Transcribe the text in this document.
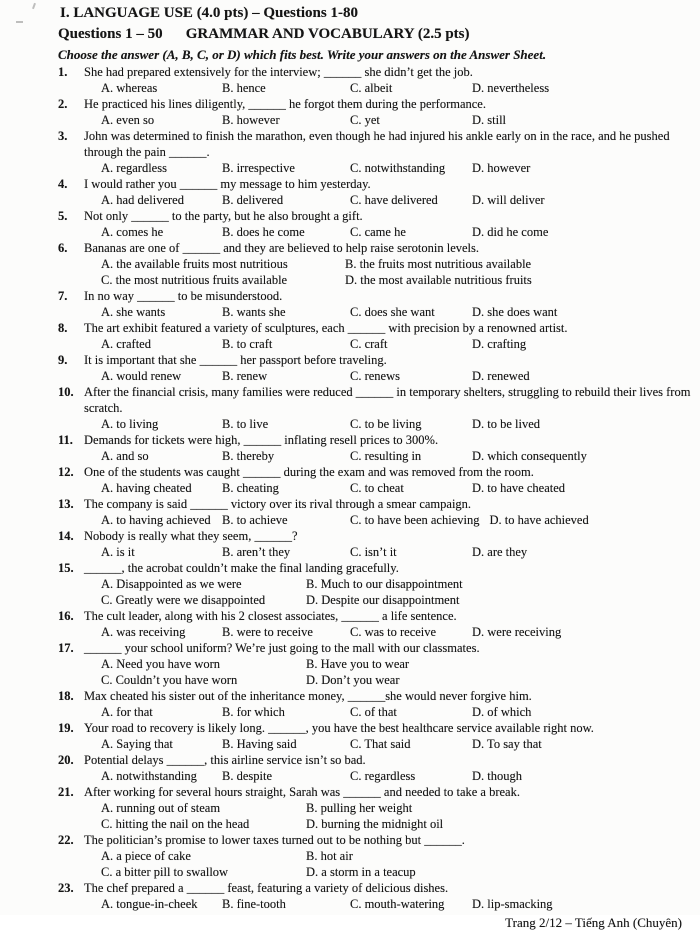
I. LANGUAGE USE (4.0 pts) – Questions 1-80
Questions 1 – 50 GRAMMAR AND VOCABULARY (2.5 pts)
Choose the answer (A, B, C, or D) which fits best. Write your answers on the Answer Sheet.
1. She had prepared extensively for the interview; ______ she didn’t get the job.
A. whereas	B. hence	C. albeit	D. nevertheless
2. He practiced his lines diligently, ______ he forgot them during the performance.
A. even so	B. however	C. yet	D. still
3. John was determined to finish the marathon, even though he had injured his ankle early on in the race, and he pushed through the pain ______.
A. regardless	B. irrespective	C. notwithstanding	D. however
4. I would rather you ______ my message to him yesterday.
A. had delivered	B. delivered	C. have delivered	D. will deliver
5. Not only ______ to the party, but he also brought a gift.
A. comes he	B. does he come	C. came he	D. did he come
6. Bananas are one of ______ and they are believed to help raise serotonin levels.
A. the available fruits most nutritious	B. the fruits most nutritious available
C. the most nutritious fruits available	D. the most available nutritious fruits
7. In no way ______ to be misunderstood.
A. she wants	B. wants she	C. does she want	D. she does want
8. The art exhibit featured a variety of sculptures, each ______ with precision by a renowned artist.
A. crafted	B. to craft	C. craft	D. crafting
9. It is important that she ______ her passport before traveling.
A. would renew	B. renew	C. renews	D. renewed
10. After the financial crisis, many families were reduced ______ in temporary shelters, struggling to rebuild their lives from scratch.
A. to living	B. to live	C. to be living	D. to be lived
11. Demands for tickets were high, ______ inflating resell prices to 300%.
A. and so	B. thereby	C. resulting in	D. which consequently
12. One of the students was caught ______ during the exam and was removed from the room.
A. having cheated	B. cheating	C. to cheat	D. to have cheated
13. The company is said ______ victory over its rival through a smear campaign.
A. to having achieved B. to achieve	C. to have been achieving D. to have achieved
14. Nobody is really what they seem, ______?
A. is it	B. aren’t they	C. isn’t it	D. are they
15. ______, the acrobat couldn’t make the final landing gracefully.
A. Disappointed as we were	B. Much to our disappointment
C. Greatly were we disappointed	D. Despite our disappointment
16. The cult leader, along with his 2 closest associates, ______ a life sentence.
A. was receiving	B. were to receive	C. was to receive	D. were receiving
17. ______ your school uniform? We’re just going to the mall with our classmates.
A. Need you have worn	B. Have you to wear
C. Couldn’t you have worn	D. Don’t you wear
18. Max cheated his sister out of the inheritance money, ______she would never forgive him.
A. for that	B. for which	C. of that	D. of which
19. Your road to recovery is likely long. ______, you have the best healthcare service available right now.
A. Saying that	B. Having said	C. That said	D. To say that
20. Potential delays ______, this airline service isn’t so bad.
A. notwithstanding	B. despite	C. regardless	D. though
21. After working for several hours straight, Sarah was ______ and needed to take a break.
A. running out of steam	B. pulling her weight
C. hitting the nail on the head	D. burning the midnight oil
22. The politician’s promise to lower taxes turned out to be nothing but ______.
A. a piece of cake	B. hot air
C. a bitter pill to swallow	D. a storm in a teacup
23. The chef prepared a ______ feast, featuring a variety of delicious dishes.
A. tongue-in-cheek	B. fine-tooth	C. mouth-watering	D. lip-smacking
Trang 2/12 – Tiếng Anh (Chuyên)
